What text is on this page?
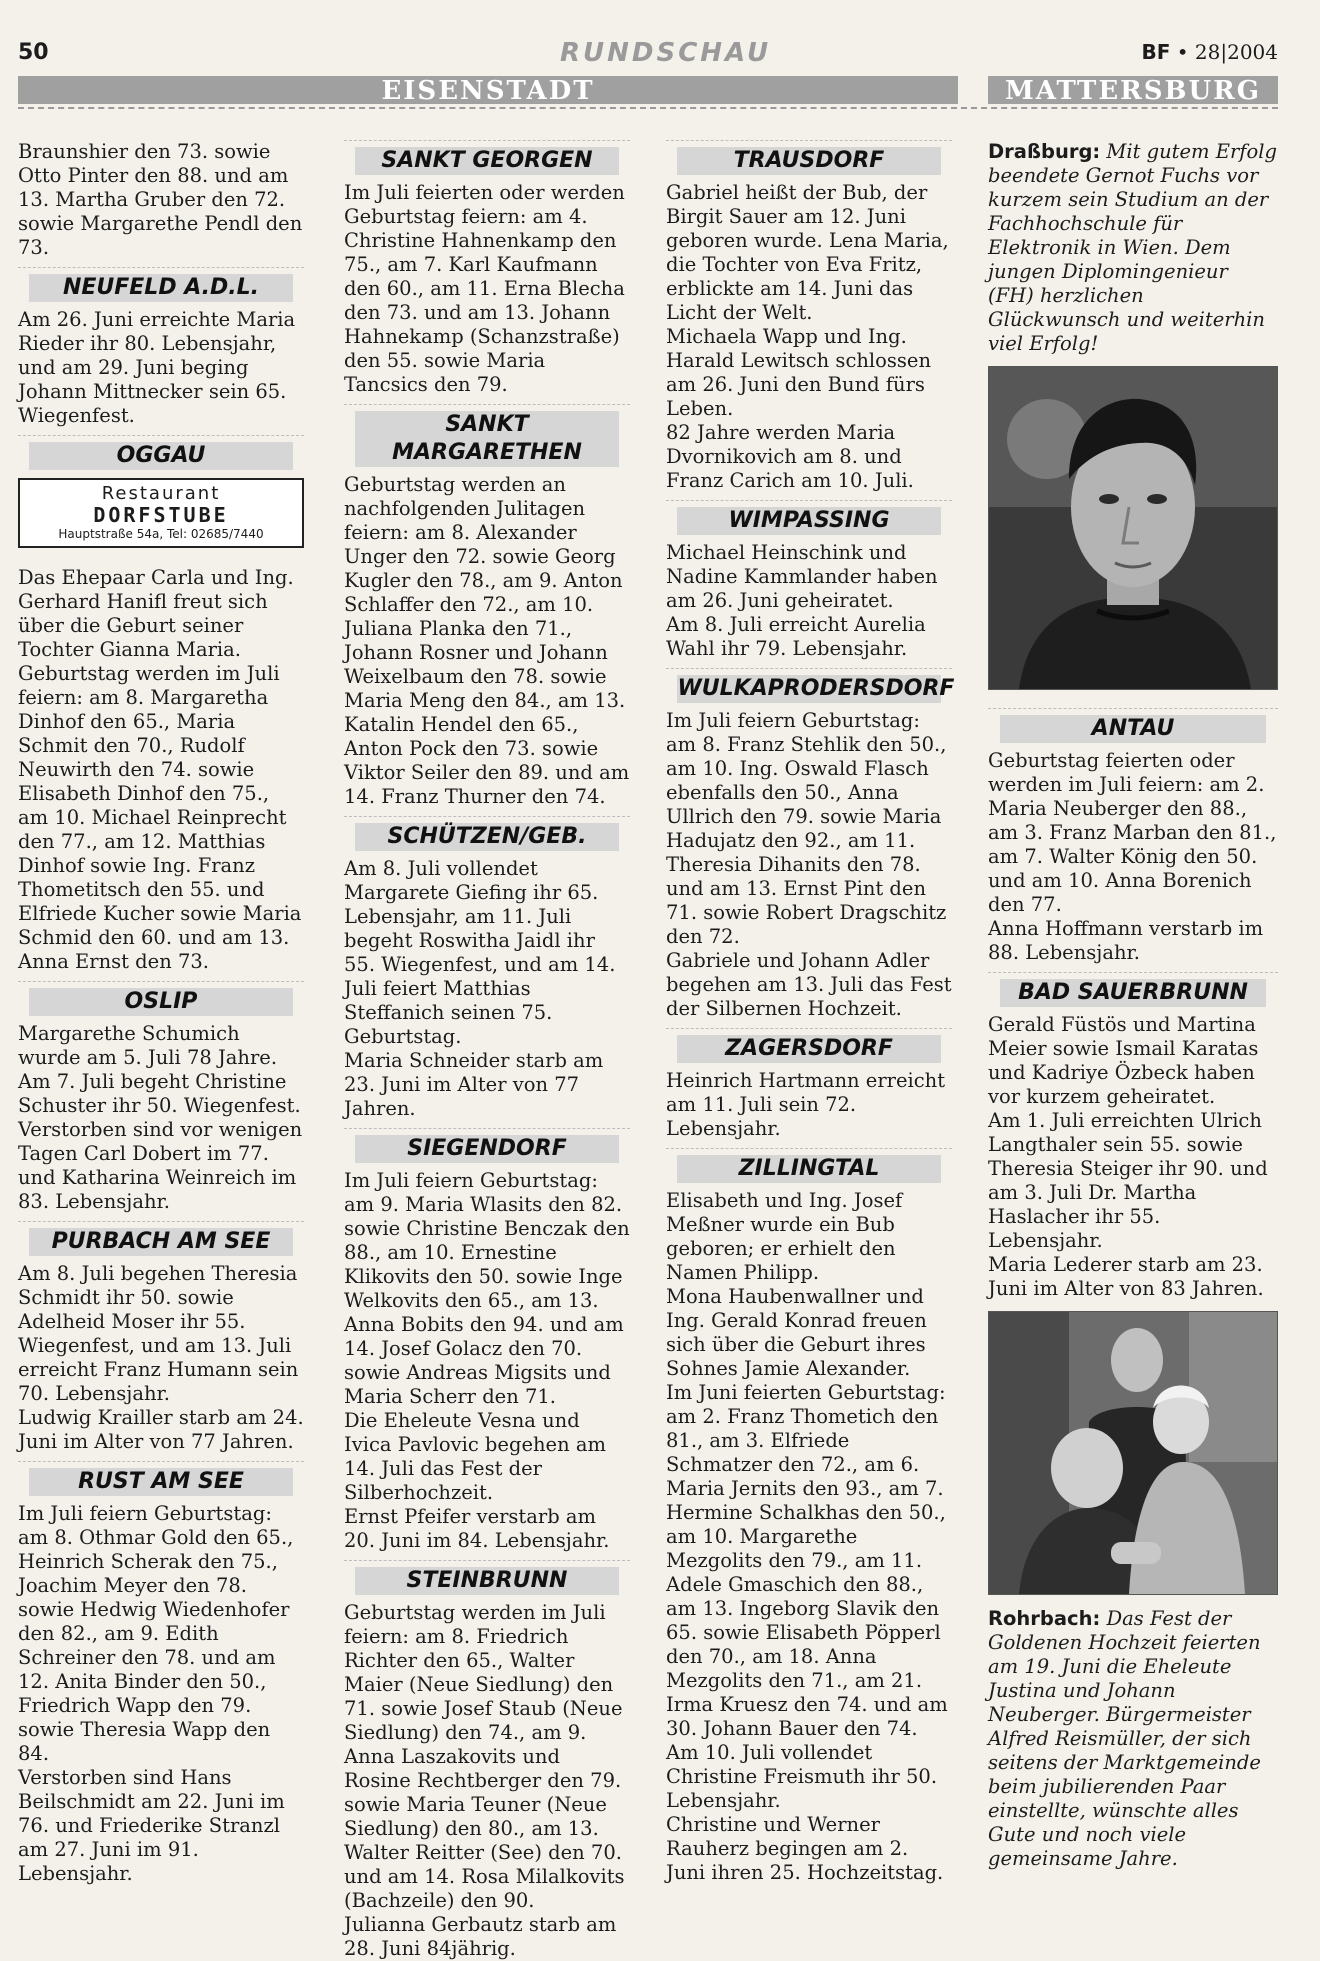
50	RUNDSCHAU	BF • 28|2004
EISENSTADT	MATTERSBURG

Braunshier den 73. sowie Otto Pinter den 88. und am 13. Martha Gruber den 72. sowie Margarethe Pendl den 73.

NEUFELD A.D.L.

Am 26. Juni erreichte Maria Rieder ihr 80. Lebensjahr, und am 29. Juni beging Johann Mittnecker sein 65. Wiegenfest.

OGGAU
Restaurant
DORFSTUBE
Hauptstraße 54a, Tel: 02685/7440

Das Ehepaar Carla und Ing. Gerhard Hanifl freut sich über die Geburt seiner Tochter Gianna Maria.

Geburtstag werden im Juli feiern: am 8. Margaretha Dinhof den 65., Maria Schmit den 70., Rudolf Neuwirth den 74. sowie Elisabeth Dinhof den 75., am 10. Michael Reinprecht den 77., am 12. Matthias Dinhof sowie Ing. Franz Thometitsch den 55. und Elfriede Kucher sowie Maria Schmid den 60. und am 13. Anna Ernst den 73.

OSLIP

Margarethe Schumich wurde am 5. Juli 78 Jahre.

Am 7. Juli begeht Christine Schuster ihr 50. Wiegenfest.

Verstorben sind vor wenigen Tagen Carl Dobert im 77. und Katharina Weinreich im 83. Lebensjahr.

PURBACH AM SEE

Am 8. Juli begehen Theresia Schmidt ihr 50. sowie Adelheid Moser ihr 55. Wiegenfest, und am 13. Juli erreicht Franz Humann sein 70. Lebensjahr.

Ludwig Krailler starb am 24. Juni im Alter von 77 Jahren.

RUST AM SEE

Im Juli feiern Geburtstag: am 8. Othmar Gold den 65., Heinrich Scherak den 75., Joachim Meyer den 78. sowie Hedwig Wiedenhofer den 82., am 9. Edith Schreiner den 78. und am 12. Anita Binder den 50., Friedrich Wapp den 79. sowie Theresia Wapp den 84.

Verstorben sind Hans Beilschmidt am 22. Juni im 76. und Friederike Stranzl am 27. Juni im 91. Lebensjahr.

SANKT GEORGEN

Im Juli feierten oder werden Geburtstag feiern: am 4. Christine Hahnenkamp den 75., am 7. Karl Kaufmann den 60., am 11. Erna Blecha den 73. und am 13. Johann Hahnekamp (Schanzstraße) den 55. sowie Maria Tancsics den 79.

SANKT MARGARETHEN

Geburtstag werden an nachfolgenden Julitagen feiern: am 8. Alexander Unger den 72. sowie Georg Kugler den 78., am 9. Anton Schlaffer den 72., am 10. Juliana Planka den 71., Johann Rosner und Johann Weixelbaum den 78. sowie Maria Meng den 84., am 13. Katalin Hendel den 65., Anton Pock den 73. sowie Viktor Seiler den 89. und am 14. Franz Thurner den 74.

SCHÜTZEN/GEB.

Am 8. Juli vollendet Margarete Giefing ihr 65. Lebensjahr, am 11. Juli begeht Roswitha Jaidl ihr 55. Wiegenfest, und am 14. Juli feiert Matthias Steffanich seinen 75. Geburtstag.

Maria Schneider starb am 23. Juni im Alter von 77 Jahren.

SIEGENDORF

Im Juli feiern Geburtstag: am 9. Maria Wlasits den 82. sowie Christine Benczak den 88., am 10. Ernestine Klikovits den 50. sowie Inge Welkovits den 65., am 13. Anna Bobits den 94. und am 14. Josef Golacz den 70. sowie Andreas Migsits und Maria Scherr den 71.

Die Eheleute Vesna und Ivica Pavlovic begehen am 14. Juli das Fest der Silberhochzeit.

Ernst Pfeifer verstarb am 20. Juni im 84. Lebensjahr.

STEINBRUNN

Geburtstag werden im Juli feiern: am 8. Friedrich Richter den 65., Walter Maier (Neue Siedlung) den 71. sowie Josef Staub (Neue Siedlung) den 74., am 9. Anna Laszakovits und Rosine Rechtberger den 79. sowie Maria Teuner (Neue Siedlung) den 80., am 13. Walter Reitter (See) den 70. und am 14. Rosa Milalkovits (Bachzeile) den 90.

Julianna Gerbautz starb am 28. Juni 84jährig.

TRAUSDORF

Gabriel heißt der Bub, der Birgit Sauer am 12. Juni geboren wurde. Lena Maria, die Tochter von Eva Fritz, erblickte am 14. Juni das Licht der Welt.

Michaela Wapp und Ing. Harald Lewitsch schlossen am 26. Juni den Bund fürs Leben.

82 Jahre werden Maria Dvornikovich am 8. und Franz Carich am 10. Juli.

WIMPASSING

Michael Heinschink und Nadine Kammlander haben am 26. Juni geheiratet.

Am 8. Juli erreicht Aurelia Wahl ihr 79. Lebensjahr.

WULKAPRODERSDORF

Im Juli feiern Geburtstag: am 8. Franz Stehlik den 50., am 10. Ing. Oswald Flasch ebenfalls den 50., Anna Ullrich den 79. sowie Maria Hadujatz den 92., am 11. Theresia Dihanits den 78. und am 13. Ernst Pint den 71. sowie Robert Dragschitz den 72.

Gabriele und Johann Adler begehen am 13. Juli das Fest der Silbernen Hochzeit.

ZAGERSDORF

Heinrich Hartmann erreicht am 11. Juli sein 72. Lebensjahr.

ZILLINGTAL

Elisabeth und Ing. Josef Meßner wurde ein Bub geboren; er erhielt den Namen Philipp.

Mona Haubenwallner und Ing. Gerald Konrad freuen sich über die Geburt ihres Sohnes Jamie Alexander.

Im Juni feierten Geburtstag: am 2. Franz Thometich den 81., am 3. Elfriede Schmatzer den 72., am 6. Maria Jernits den 93., am 7. Hermine Schalkhas den 50., am 10. Margarethe Mezgolits den 79., am 11. Adele Gmaschich den 88., am 13. Ingeborg Slavik den 65. sowie Elisabeth Pöpperl den 70., am 18. Anna Mezgolits den 71., am 21. Irma Kruesz den 74. und am 30. Johann Bauer den 74.

Am 10. Juli vollendet Christine Freismuth ihr 50. Lebensjahr.

Christine und Werner Rauherz begingen am 2. Juni ihren 25. Hochzeitstag.

Draßburg: Mit gutem Erfolg beendete Gernot Fuchs vor kurzem sein Studium an der Fachhochschule für Elektronik in Wien. Dem jungen Diplomingenieur (FH) herzlichen Glückwunsch und weiterhin viel Erfolg!

ANTAU

Geburtstag feierten oder werden im Juli feiern: am 2. Maria Neuberger den 88., am 3. Franz Marban den 81., am 7. Walter König den 50. und am 10. Anna Borenich den 77.

Anna Hoffmann verstarb im 88. Lebensjahr.

BAD SAUERBRUNN

Gerald Füstös und Martina Meier sowie Ismail Karatas und Kadriye Özbeck haben vor kurzem geheiratet.

Am 1. Juli erreichten Ulrich Langthaler sein 55. sowie Theresia Steiger ihr 90. und am 3. Juli Dr. Martha Haslacher ihr 55. Lebensjahr.

Maria Lederer starb am 23. Juni im Alter von 83 Jahren.

Rohrbach: Das Fest der Goldenen Hochzeit feierten am 19. Juni die Eheleute Justina und Johann Neuberger. Bürgermeister Alfred Reismüller, der sich seitens der Marktgemeinde beim jubilierenden Paar einstellte, wünschte alles Gute und noch viele gemeinsame Jahre.
